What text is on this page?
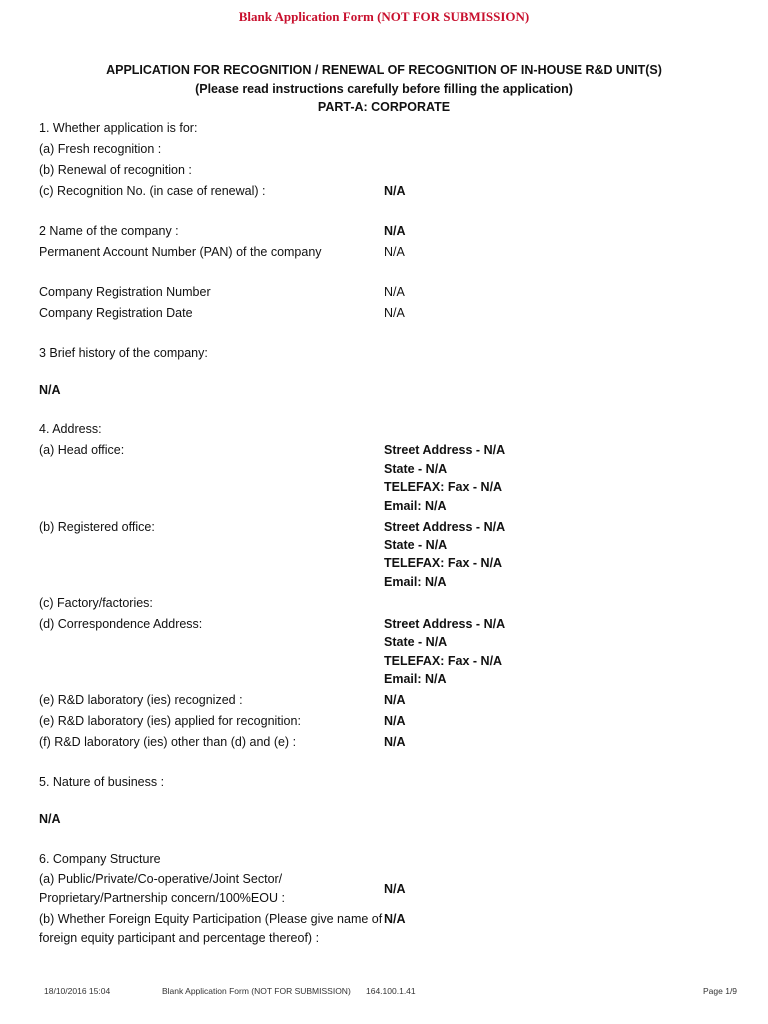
Blank Application Form (NOT FOR SUBMISSION)
APPLICATION FOR RECOGNITION / RENEWAL OF RECOGNITION OF IN-HOUSE R&D UNIT(S)
(Please read instructions carefully before filling the application)
PART-A: CORPORATE
1. Whether application is for:
(a) Fresh recognition :
(b) Renewal of recognition :
(c) Recognition No. (in case of renewal) :	N/A
2 Name of the company :	N/A
Permanent Account Number (PAN) of the company	N/A
Company Registration Number	N/A
Company Registration Date	N/A
3 Brief history of the company:
N/A
4. Address:
(a) Head office:	Street Address - N/A
State - N/A
TELEFAX: Fax - N/A
Email: N/A
(b) Registered office:	Street Address - N/A
State - N/A
TELEFAX: Fax - N/A
Email: N/A
(c) Factory/factories:
(d) Correspondence Address:	Street Address - N/A
State - N/A
TELEFAX: Fax - N/A
Email: N/A
(e) R&D laboratory (ies) recognized :	N/A
(e) R&D laboratory (ies) applied for recognition:	N/A
(f) R&D laboratory (ies) other than (d) and (e) :	N/A
5. Nature of business :
N/A
6. Company Structure
(a) Public/Private/Co-operative/Joint Sector/ Proprietary/Partnership concern/100%EOU :
N/A
(b) Whether Foreign Equity Participation (Please give name of foreign equity participant and percentage thereof) :
N/A
18/10/2016 15:04	Blank Application Form (NOT FOR SUBMISSION) 164.100.1.41	Page 1/9
